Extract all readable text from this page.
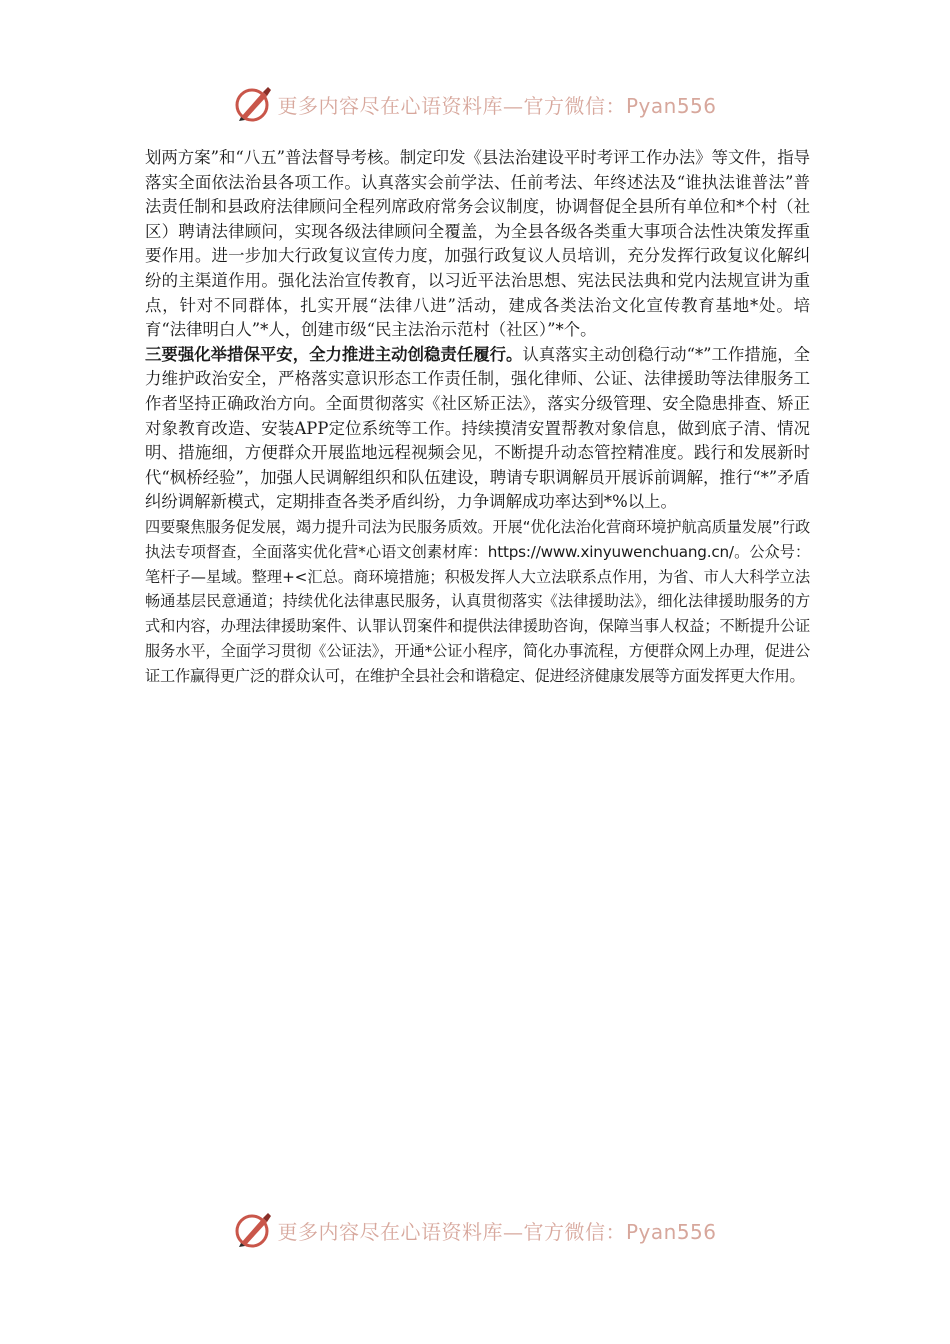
更多内容尽在心语资料库—官方微信：Pyan556

划两方案”和“八五”普法督导考核。制定印发《县法治建设平时考评工作办法》等文件，指导落实全面依法治县各项工作。认真落实会前学法、任前考法、年终述法及“谁执法谁普法”普法责任制和县政府法律顾问全程列席政府常务会议制度，协调督促全县所有单位和*个村（社区）聘请法律顾问，实现各级法律顾问全覆盖，为全县各级各类重大事项合法性决策发挥重要作用。进一步加大行政复议宣传力度，加强行政复议人员培训，充分发挥行政复议化解纠纷的主渠道作用。强化法治宣传教育，以习近平法治思想、宪法民法典和党内法规宣讲为重点，针对不同群体，扎实开展“法律八进”活动，建成各类法治文化宣传教育基地*处。培育“法律明白人”*人，创建市级“民主法治示范村（社区）”*个。

三要强化举措保平安，全力推进主动创稳责任履行。认真落实主动创稳行动“*”工作措施，全力维护政治安全，严格落实意识形态工作责任制，强化律师、公证、法律援助等法律服务工作者坚持正确政治方向。全面贯彻落实《社区矫正法》，落实分级管理、安全隐患排查、矫正对象教育改造、安装APP定位系统等工作。持续摸清安置帮教对象信息，做到底子清、情况明、措施细，方便群众开展监地远程视频会见，不断提升动态管控精准度。践行和发展新时代“枫桥经验”，加强人民调解组织和队伍建设，聘请专职调解员开展诉前调解，推行“*”矛盾纠纷调解新模式，定期排查各类矛盾纠纷，力争调解成功率达到*%以上。

四要聚焦服务促发展，竭力提升司法为民服务质效。开展“优化法治化营商环境护航高质量发展”行政执法专项督查，全面落实优化营*心语文创素材库：https://www.xinyuwenchuang.cn/。公众号：笔杆子—星域。整理+<汇总。商环境措施；积极发挥人大立法联系点作用，为省、市人大科学立法畅通基层民意通道；持续优化法律惠民服务，认真贯彻落实《法律援助法》，细化法律援助服务的方式和内容，办理法律援助案件、认罪认罚案件和提供法律援助咨询，保障当事人权益；不断提升公证服务水平，全面学习贯彻《公证法》，开通*公证小程序，简化办事流程，方便群众网上办理，促进公证工作赢得更广泛的群众认可，在维护全县社会和谐稳定、促进经济健康发展等方面发挥更大作用。

更多内容尽在心语资料库—官方微信：Pyan556
